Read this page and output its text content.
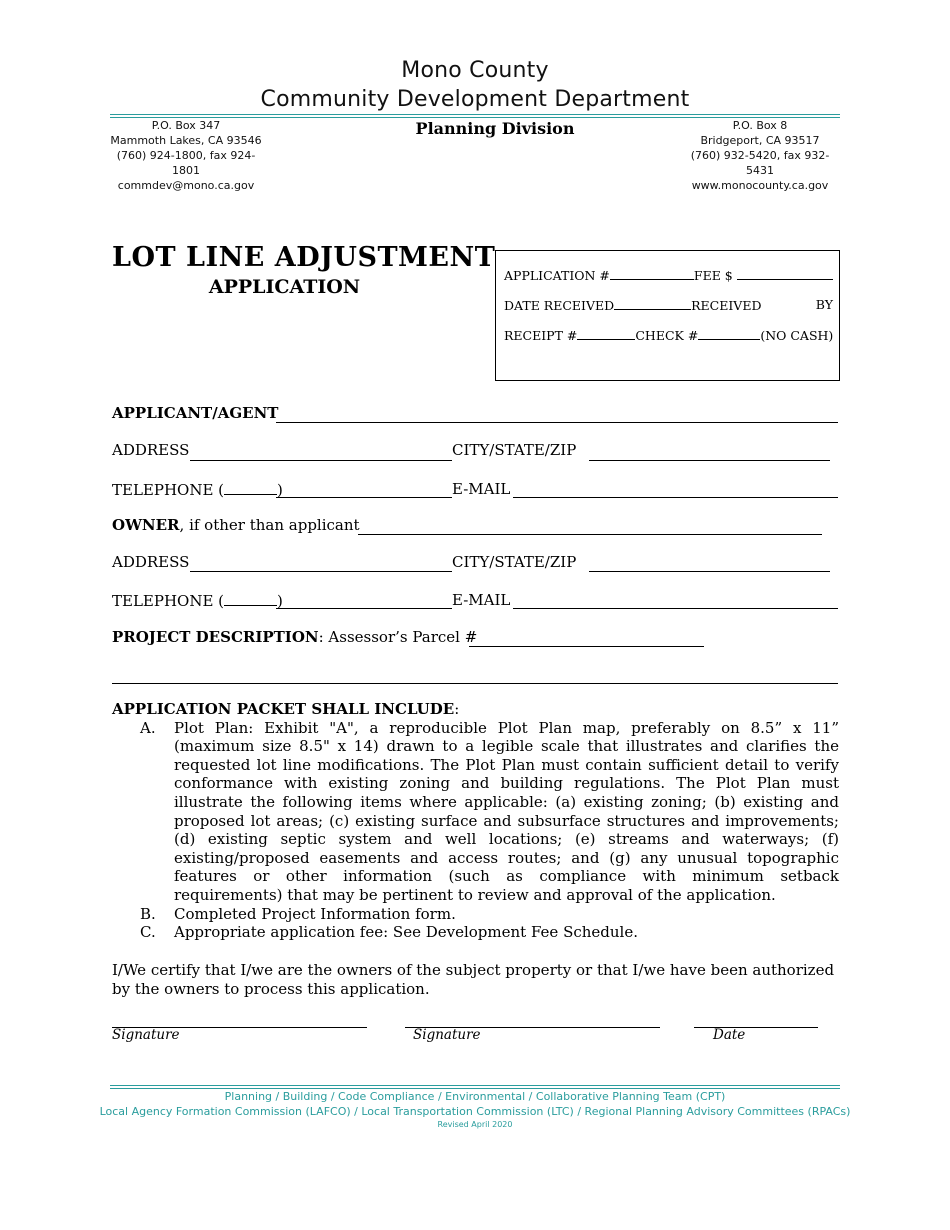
Mono County
Community Development Department
P.O. Box 347
Mammoth Lakes, CA 93546
(760) 924-1800, fax 924-1801
commdev@mono.ca.gov
Planning Division	P.O. Box 8
Bridgeport, CA 93517
(760) 932-5420, fax 932-5431
www.monocounty.ca.gov
LOT LINE ADJUSTMENT
APPLICATION
APPLICATION #	FEE $
DATE RECEIVED	RECEIVED	BY
RECEIPT #	CHECK #	(NO CASH)
APPLICANT/AGENT
ADDRESS	CITY/STATE/ZIP
TELEPHONE (	)	E-MAIL
OWNER, if other than applicant
ADDRESS	CITY/STATE/ZIP
TELEPHONE (	)	E-MAIL
PROJECT DESCRIPTION: Assessor’s Parcel #
APPLICATION PACKET SHALL INCLUDE:
A. Plot Plan: Exhibit "A", a reproducible Plot Plan map, preferably on 8.5” x 11” (maximum size 8.5" x 14) drawn to a legible scale that illustrates and clarifies the requested lot line modifications. The Plot Plan must contain sufficient detail to verify conformance with existing zoning and building regulations. The Plot Plan must illustrate the following items where applicable: (a) existing zoning; (b) existing and proposed lot areas; (c) existing surface and subsurface structures and improvements; (d) existing septic system and well locations; (e) streams and waterways; (f) existing/proposed easements and access routes; and (g) any unusual topographic features or other information (such as compliance with minimum setback requirements) that may be pertinent to review and approval of the application.
B. Completed Project Information form.
C. Appropriate application fee: See Development Fee Schedule.
I/We certify that I/we are the owners of the subject property or that I/we have been authorized by the owners to process this application.
Signature	Signature	Date
Planning / Building / Code Compliance / Environmental / Collaborative Planning Team (CPT)
Local Agency Formation Commission (LAFCO) / Local Transportation Commission (LTC) / Regional Planning Advisory Committees (RPACs)
Revised April 2020
